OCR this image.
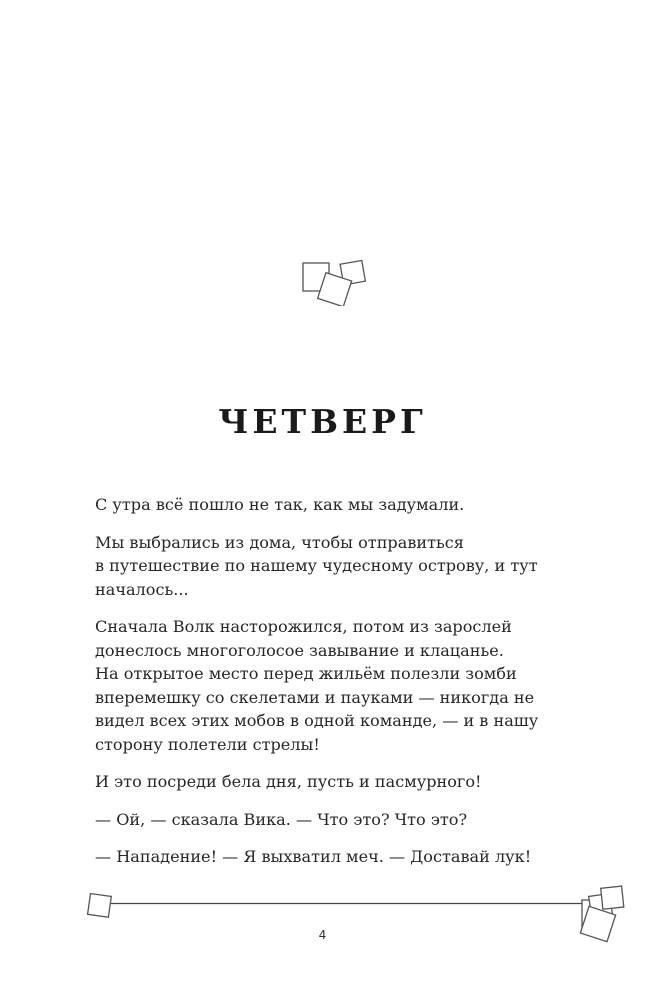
ЧЕТВЕРГ

С утра всё пошло не так, как мы задумали.

Мы выбрались из дома, чтобы отправиться
в путешествие по нашему чудесному острову, и тут
началось...

Сначала Волк насторожился, потом из зарослей
донеслось многоголосое завывание и клацанье.
На открытое место перед жильём полезли зомби
вперемешку со скелетами и пауками — никогда не
видел всех этих мобов в одной команде, — и в нашу
сторону полетели стрелы!

И это посреди бела дня, пусть и пасмурного!

— Ой, — сказала Вика. — Что это? Что это?

— Нападение! — Я выхватил меч. — Доставай лук!

4
